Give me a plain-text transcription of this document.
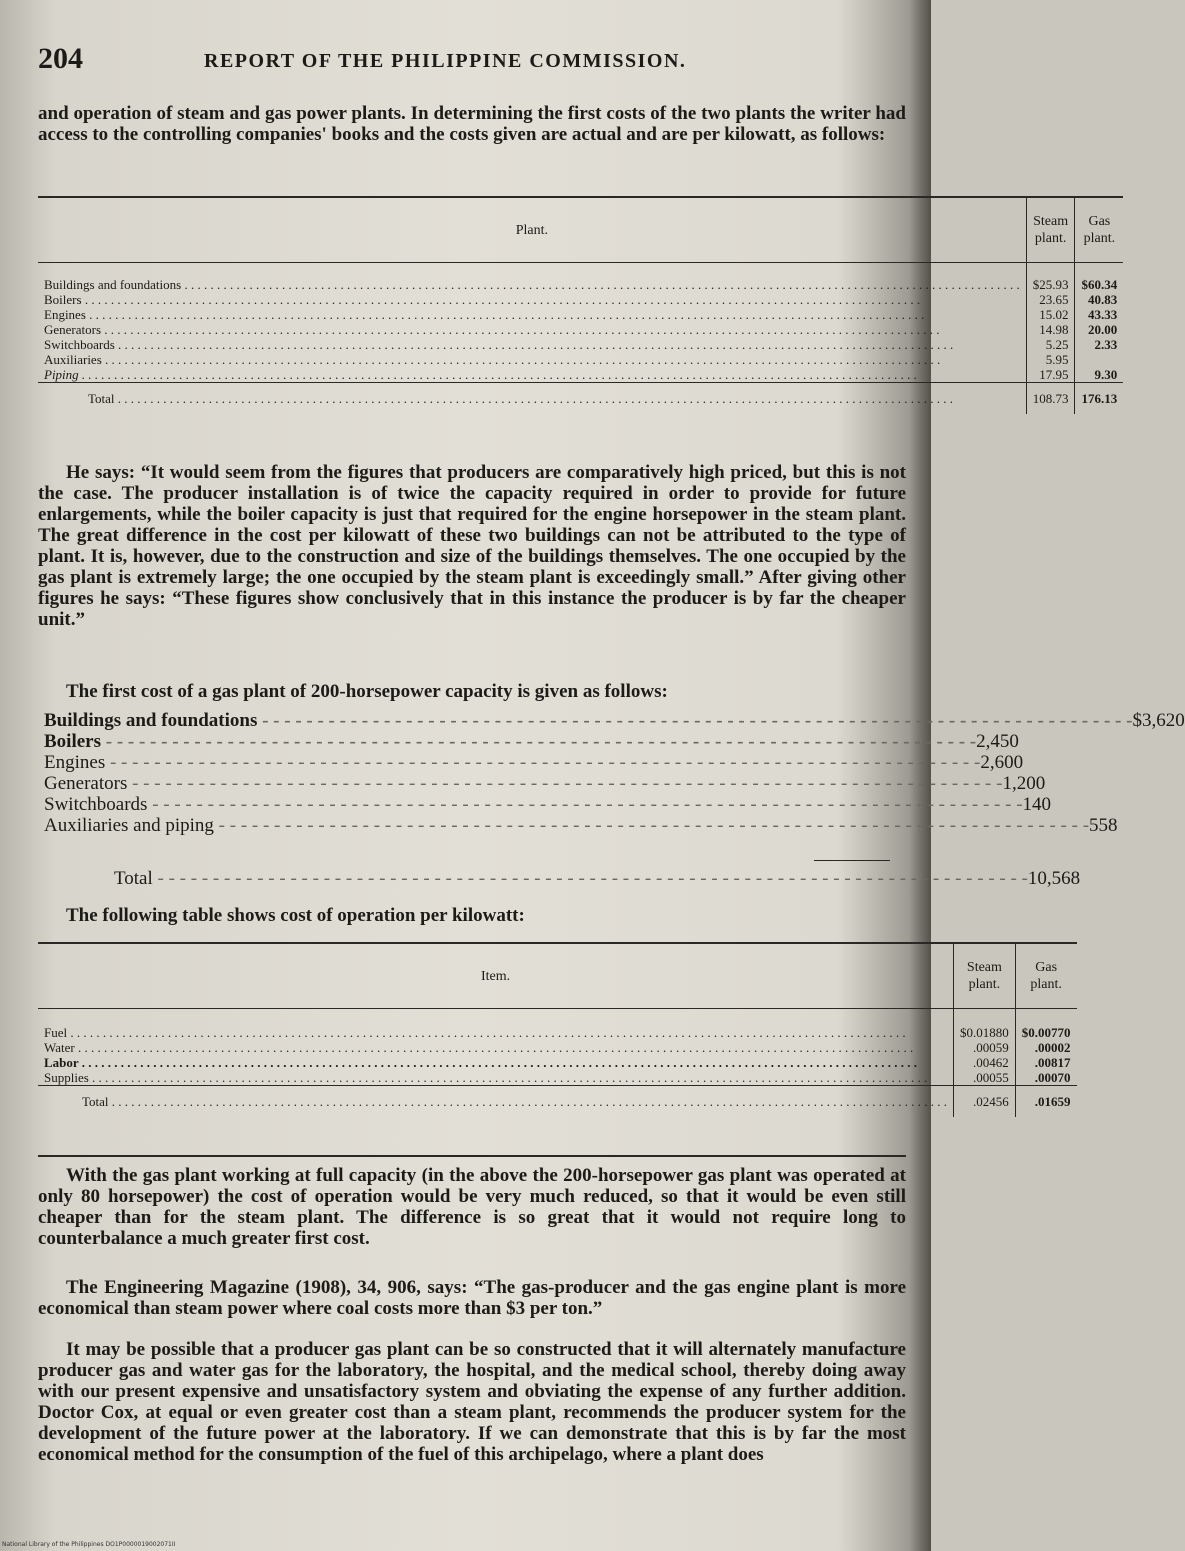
204	REPORT OF THE PHILIPPINE COMMISSION.

and operation of steam and gas power plants. In determining the first costs of the two plants the writer had access to the controlling companies' books and the costs given are actual and are per kilowatt, as follows:

Plant.	Steam plant.	Gas plant.
Buildings and foundations . . .	$25.93	$60.34
Boilers . . .	23.65	40.83
Engines . . .	15.02	43.33
Generators . . .	14.98	20.00
Switchboards . . .	5.25	2.33
Auxiliaries . . .	5.95	
Piping . . .	17.95	9.30
Total . . .	108.73	176.13

He says: “It would seem from the figures that producers are comparatively high priced, but this is not the case. The producer installation is of twice the capacity required in order to provide for future enlargements, while the boiler capacity is just that required for the engine horsepower in the steam plant. The great difference in the cost per kilowatt of these two buildings can not be attributed to the type of plant. It is, however, due to the construction and size of the buildings themselves. The one occupied by the gas plant is extremely large; the one occupied by the steam plant is exceedingly small.” After giving other figures he says: “These figures show conclusively that in this instance the producer is by far the cheaper unit.”

The first cost of a gas plant of 200-horsepower capacity is given as follows:

Buildings and foundations - - -	$3,620
Boilers - - -	2,450
Engines - - -	2,600
Generators - - -	1,200
Switchboards - - -	140
Auxiliaries and piping - - -	558
Total - - -	10,568

The following table shows cost of operation per kilowatt:

Item.	Steam plant.	Gas plant.
Fuel . . .	$0.01880	$0.00770
Water . . .	.00059	.00002
Labor . . .	.00462	.00817
Supplies . . .	.00055	.00070
Total . . .	.02456	.01659

With the gas plant working at full capacity (in the above the 200-horsepower gas plant was operated at only 80 horsepower) the cost of operation would be very much reduced, so that it would be even still cheaper than for the steam plant. The difference is so great that it would not require long to counterbalance a much greater first cost.

The Engineering Magazine (1908), 34, 906, says: “The gas-producer and the gas engine plant is more economical than steam power where coal costs more than $3 per ton.”

It may be possible that a producer gas plant can be so constructed that it will alternately manufacture producer gas and water gas for the laboratory, the hospital, and the medical school, thereby doing away with our present expensive and unsatisfactory system and obviating the expense of any further addition. Doctor Cox, at equal or even greater cost than a steam plant, recommends the producer system for the development of the future power at the laboratory. If we can demonstrate that this is by far the most economical method for the consumption of the fuel of this archipelago, where a plant does

National Library of the Philippines DO1P0000019002071II
